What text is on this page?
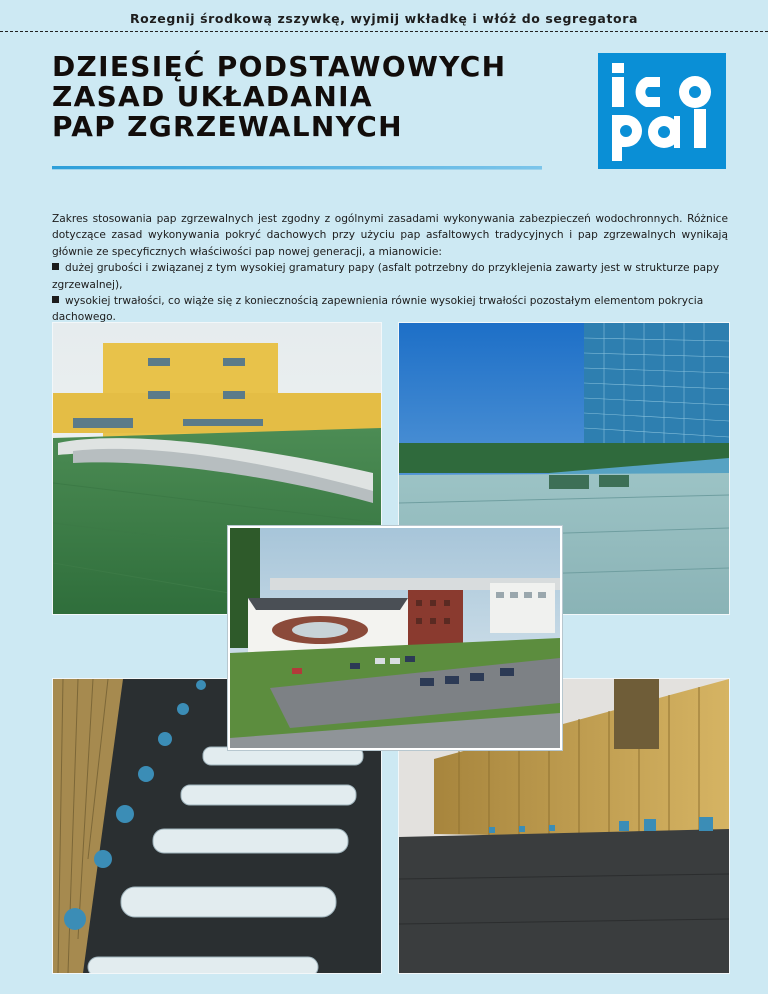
Rozegnij środkową zszywkę, wyjmij wkładkę i włóż do segregatora
DZIESIĘĆ PODSTAWOWYCH
ZASAD UKŁADANIA
PAP ZGRZEWALNYCH

Zakres stosowania pap zgrzewalnych jest zgodny z ogólnymi zasadami wykonywania zabezpieczeń wodochronnych. Różnice dotyczące zasad wykonywania pokryć dachowych przy użyciu pap asfaltowych tradycyjnych i pap zgrzewalnych wynikają głównie ze specyficznych właściwości pap nowej generacji, a mianowicie:

dużej grubości i związanej z tym wysokiej gramatury papy (asfalt potrzebny do przyklejenia zawarty jest w strukturze papy zgrzewalnej),
wysokiej trwałości, co wiąże się z koniecznością zapewnienia równie wysokiej trwałości pozostałym elementom pokrycia dachowego.
